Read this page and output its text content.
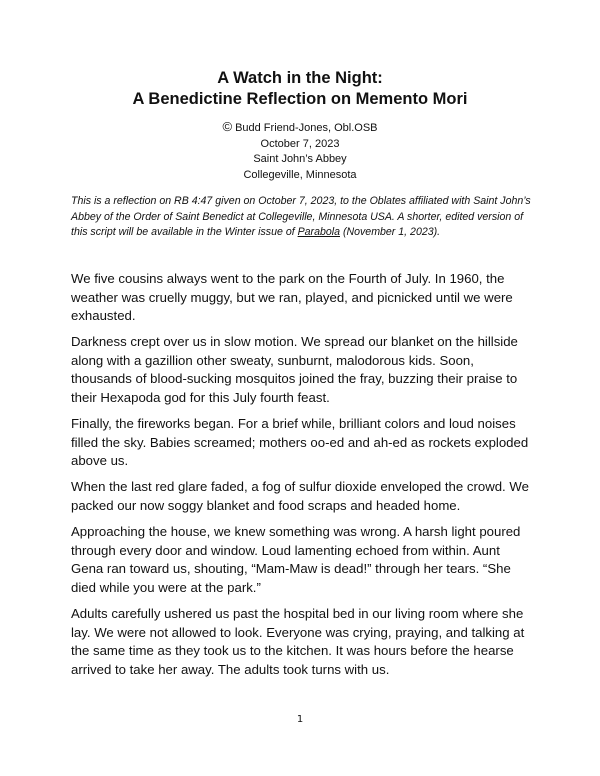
A Watch in the Night:

A Benedictine Reflection on Memento Mori

© Budd Friend-Jones, Obl.OSB

October 7, 2023

Saint John’s Abbey

Collegeville, Minnesota

This is a reflection on RB 4:47 given on October 7, 2023, to the Oblates affiliated with Saint John’s Abbey of the Order of Saint Benedict at Collegeville, Minnesota USA. A shorter, edited version of this script will be available in the Winter issue of Parabola (November 1, 2023).

We five cousins always went to the park on the Fourth of July. In 1960, the weather was cruelly muggy, but we ran, played, and picnicked until we were exhausted.

Darkness crept over us in slow motion. We spread our blanket on the hillside along with a gazillion other sweaty, sunburnt, malodorous kids. Soon, thousands of blood-sucking mosquitos joined the fray, buzzing their praise to their Hexapoda god for this July fourth feast.

Finally, the fireworks began. For a brief while, brilliant colors and loud noises filled the sky. Babies screamed; mothers oo-ed and ah-ed as rockets exploded above us.

When the last red glare faded, a fog of sulfur dioxide enveloped the crowd. We packed our now soggy blanket and food scraps and headed home.

Approaching the house, we knew something was wrong. A harsh light poured through every door and window. Loud lamenting echoed from within. Aunt Gena ran toward us, shouting, “Mam-Maw is dead!” through her tears. “She died while you were at the park.”

Adults carefully ushered us past the hospital bed in our living room where she lay. We were not allowed to look. Everyone was crying, praying, and talking at the same time as they took us to the kitchen. It was hours before the hearse arrived to take her away. The adults took turns with us.

1
